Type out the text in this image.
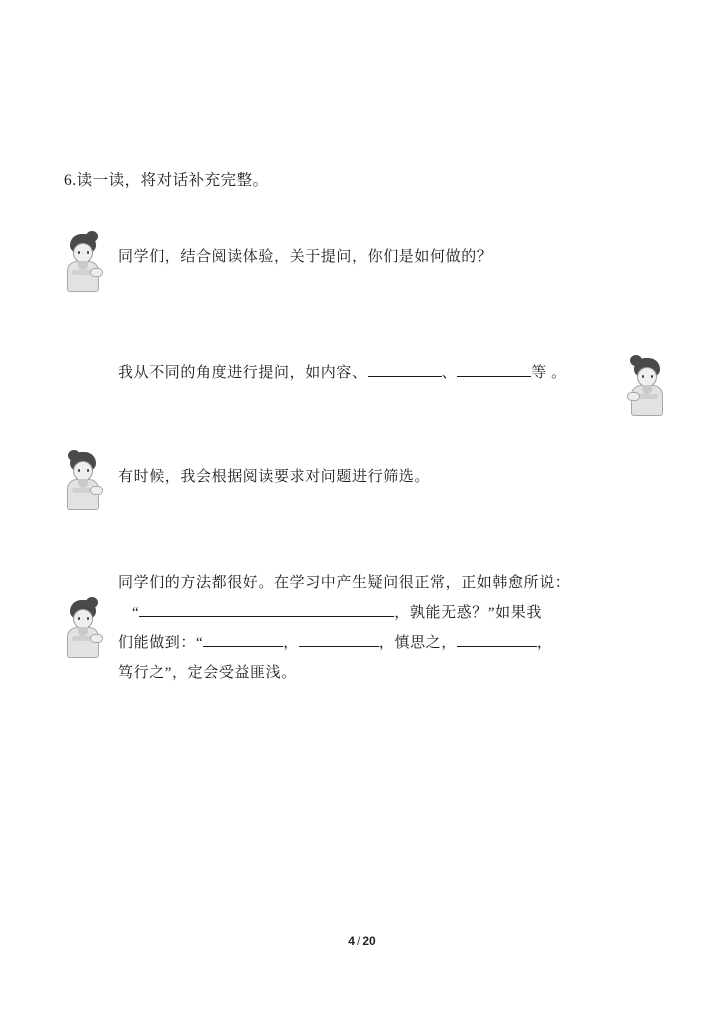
6.读一读，将对话补充完整。
同学们，结合阅读体验，关于提问，你们是如何做的？
我从不同的角度进行提问，如内容、	、	等 。
有时候，我会根据阅读要求对问题进行筛选。
同学们的方法都很好。在学习中产生疑问很正常，正如韩愈所说：
“	，孰能无惑？”如果我
们能做到：“	，	，慎思之，	，
笃行之”，定会受益匪浅。
4 / 20
